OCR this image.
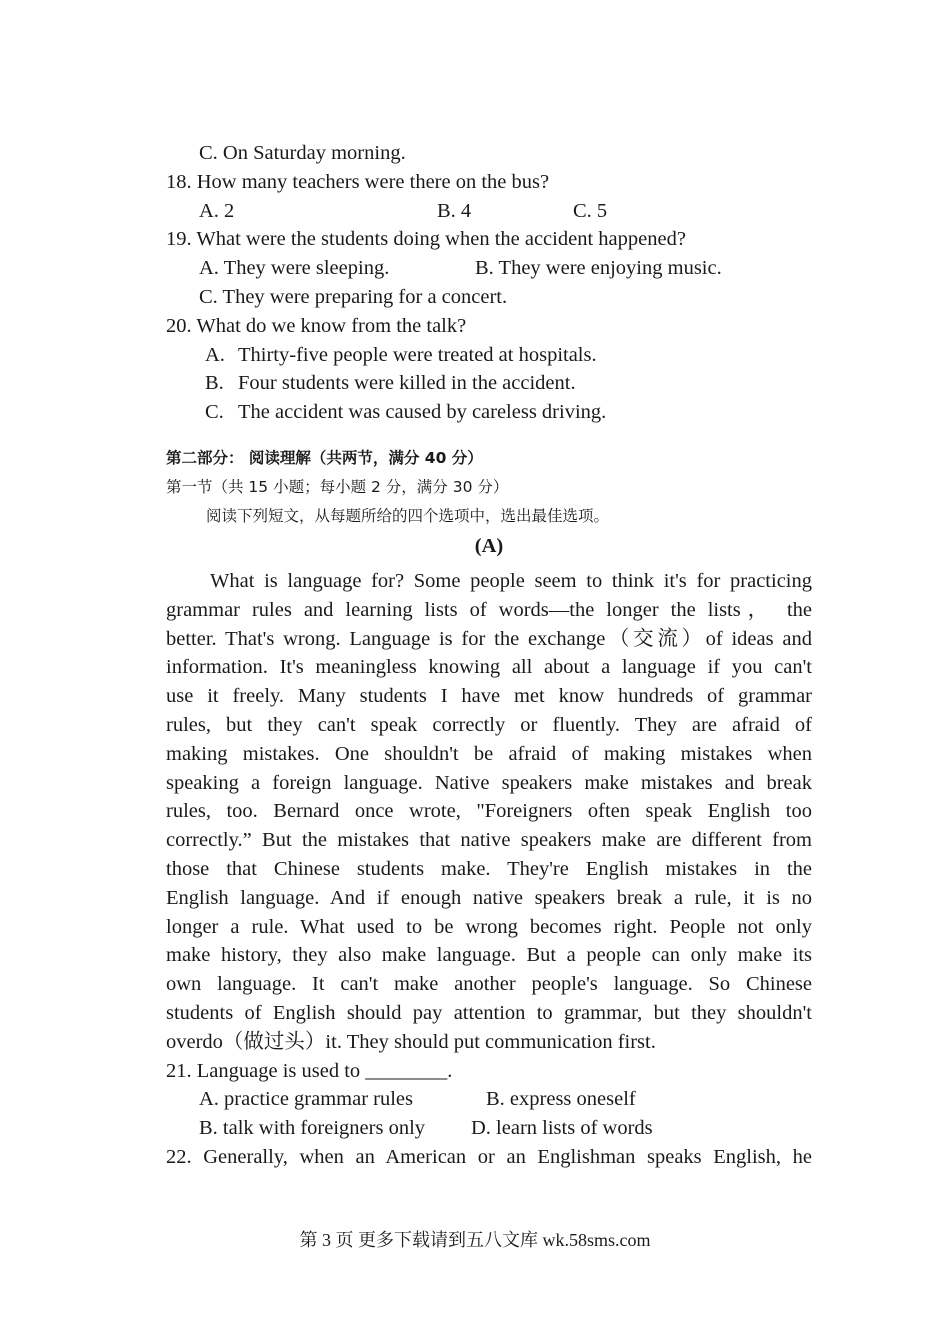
C. On Saturday morning.
18. How many teachers were there on the bus?
A. 2	B. 4	C. 5
19. What were the students doing when the accident happened?
A. They were sleeping.	B. They were enjoying music.
C. They were preparing for a concert.
20. What do we know from the talk?
A. Thirty-five people were treated at hospitals.
B. Four students were killed in the accident.
C. The accident was caused by careless driving.
第二部分： 阅读理解（共两节，满分 40 分）
第一节（共 15 小题；每小题 2 分，满分 30 分）
阅读下列短文，从每题所给的四个选项中，选出最佳选项。
(A)
What is language for? Some people seem to think it's for practicing
grammar rules and learning lists of words—the longer the lists， the
better. That's wrong. Language is for the exchange（交流）of ideas and
information. It's meaningless knowing all about a language if you can't
use it freely. Many students I have met know hundreds of grammar
rules, but they can't speak correctly or fluently. They are afraid of
making mistakes. One shouldn't be afraid of making mistakes when
speaking a foreign language. Native speakers make mistakes and break
rules, too. Bernard once wrote, "Foreigners often speak English too
correctly.” But the mistakes that native speakers make are different from
those that Chinese students make. They're English mistakes in the
English language. And if enough native speakers break a rule, it is no
longer a rule. What used to be wrong becomes right. People not only
make history, they also make language. But a people can only make its
own language. It can't make another people's language. So Chinese
students of English should pay attention to grammar, but they shouldn't
overdo（做过头）it. They should put communication first.
21. Language is used to ________.
A. practice grammar rules	B. express oneself
B. talk with foreigners only D. learn lists of words
22. Generally, when an American or an Englishman speaks English, he
第 3 页 更多下载请到五八文库 wk.58sms.com
